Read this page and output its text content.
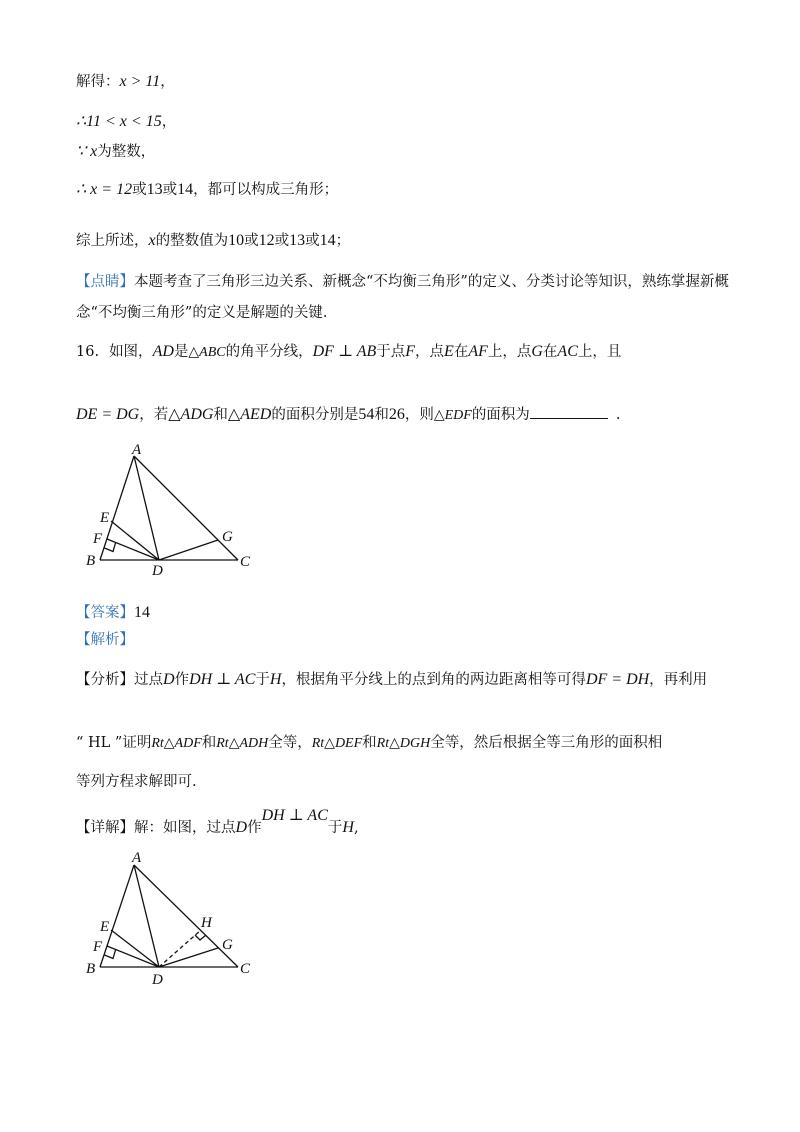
解得：x > 11，
∴11 < x < 15，
∵ x为整数，
∴ x = 12或13或14，都可以构成三角形；
综上所述，x的整数值为10或12或13或14；
【点睛】本题考查了三角形三边关系、新概念“不均衡三角形”的定义、分类讨论等知识，熟练掌握新概
念“不均衡三角形”的定义是解题的关键.
16. 如图，AD是△ABC的角平分线，DF ⊥ AB于点F，点E在AF上，点G在AC上，且
DE = DG，若△ADG和△AED的面积分别是54和26，则△EDF的面积为	.
A
E
F
B
D
G
C
【答案】14
【解析】
【分析】过点D作DH ⊥ AC于H，根据角平分线上的点到角的两边距离相等可得DF = DH，再利用
“ HL ”证明Rt△ADF和Rt△ADH全等，Rt△DEF和Rt△DGH全等，然后根据全等三角形的面积相
等列方程求解即可.
【详解】解：如图，过点D作DH ⊥ AC于H,
A
E
F
B
D
H
G
C
